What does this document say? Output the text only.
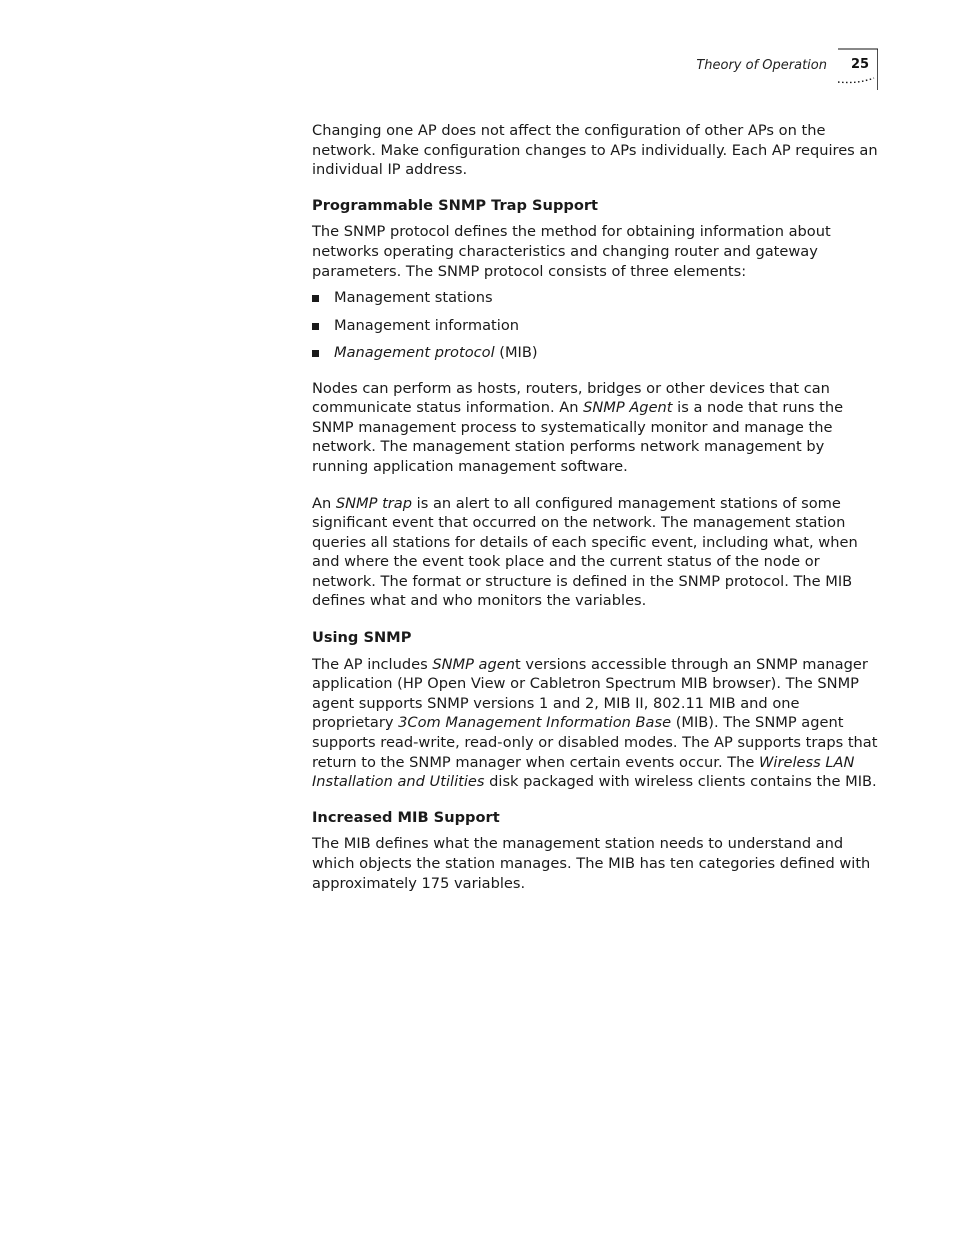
Theory of Operation 25

Changing one AP does not affect the configuration of other APs on the network. Make configuration changes to APs individually. Each AP requires an individual IP address.

Programmable SNMP Trap Support

The SNMP protocol defines the method for obtaining information about networks operating characteristics and changing router and gateway parameters. The SNMP protocol consists of three elements:

Management stations
Management information
Management protocol (MIB)

Nodes can perform as hosts, routers, bridges or other devices that can communicate status information. An SNMP Agent is a node that runs the SNMP management process to systematically monitor and manage the network. The management station performs network management by running application management software.

An SNMP trap is an alert to all configured management stations of some significant event that occurred on the network. The management station queries all stations for details of each specific event, including what, when and where the event took place and the current status of the node or network. The format or structure is defined in the SNMP protocol. The MIB defines what and who monitors the variables.

Using SNMP

The AP includes SNMP agent versions accessible through an SNMP manager application (HP Open View or Cabletron Spectrum MIB browser). The SNMP agent supports SNMP versions 1 and 2, MIB II, 802.11 MIB and one proprietary 3Com Management Information Base (MIB). The SNMP agent supports read-write, read-only or disabled modes. The AP supports traps that return to the SNMP manager when certain events occur. The Wireless LAN Installation and Utilities disk packaged with wireless clients contains the MIB.

Increased MIB Support

The MIB defines what the management station needs to understand and which objects the station manages. The MIB has ten categories defined with approximately 175 variables.
